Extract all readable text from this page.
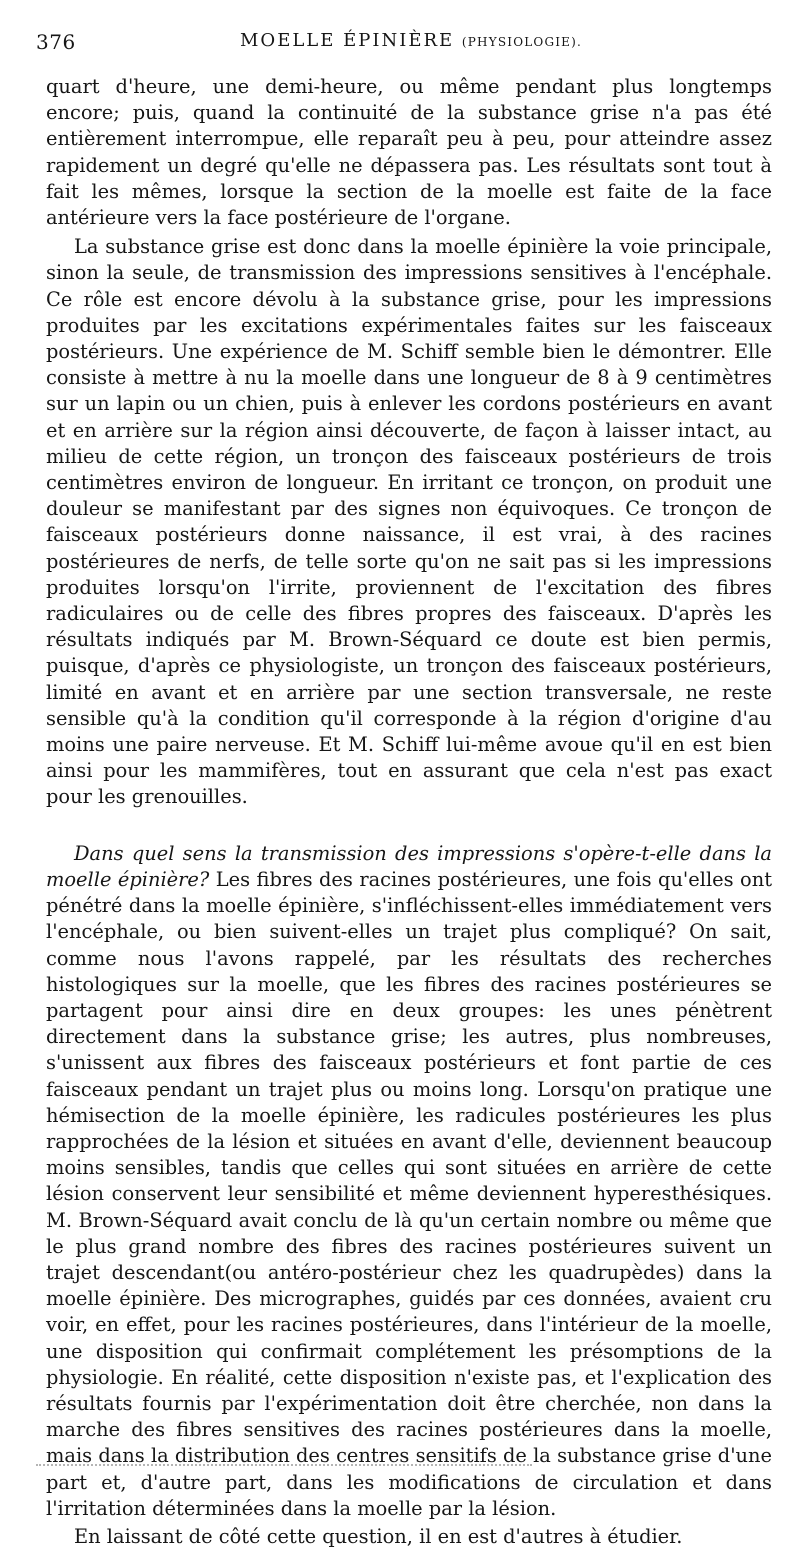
376	MOELLE ÉPINIÈRE (PHYSIOLOGIE).

quart d'heure, une demi-heure, ou même pendant plus longtemps encore; puis, quand la continuité de la substance grise n'a pas été entièrement interrompue, elle reparaît peu à peu, pour atteindre assez rapidement un degré qu'elle ne dépassera pas. Les résultats sont tout à fait les mêmes, lorsque la section de la moelle est faite de la face antérieure vers la face postérieure de l'organe.

La substance grise est donc dans la moelle épinière la voie principale, sinon la seule, de transmission des impressions sensitives à l'encéphale. Ce rôle est encore dévolu à la substance grise, pour les impressions produites par les excitations expérimentales faites sur les faisceaux postérieurs. Une expérience de M. Schiff semble bien le démontrer. Elle consiste à mettre à nu la moelle dans une longueur de 8 à 9 centimètres sur un lapin ou un chien, puis à enlever les cordons postérieurs en avant et en arrière sur la région ainsi découverte, de façon à laisser intact, au milieu de cette région, un tronçon des faisceaux postérieurs de trois centimètres environ de longueur. En irritant ce tronçon, on produit une douleur se manifestant par des signes non équivoques. Ce tronçon de faisceaux postérieurs donne naissance, il est vrai, à des racines postérieures de nerfs, de telle sorte qu'on ne sait pas si les impressions produites lorsqu'on l'irrite, proviennent de l'excitation des fibres radiculaires ou de celle des fibres propres des faisceaux. D'après les résultats indiqués par M. Brown-Séquard ce doute est bien permis, puisque, d'après ce physiologiste, un tronçon des faisceaux postérieurs, limité en avant et en arrière par une section transversale, ne reste sensible qu'à la condition qu'il corresponde à la région d'origine d'au moins une paire nerveuse. Et M. Schiff lui-même avoue qu'il en est bien ainsi pour les mammifères, tout en assurant que cela n'est pas exact pour les grenouilles.

Dans quel sens la transmission des impressions s'opère-t-elle dans la moelle épinière? Les fibres des racines postérieures, une fois qu'elles ont pénétré dans la moelle épinière, s'infléchissent-elles immédiatement vers l'encéphale, ou bien suivent-elles un trajet plus compliqué? On sait, comme nous l'avons rappelé, par les résultats des recherches histologiques sur la moelle, que les fibres des racines postérieures se partagent pour ainsi dire en deux groupes: les unes pénètrent directement dans la substance grise; les autres, plus nombreuses, s'unissent aux fibres des faisceaux postérieurs et font partie de ces faisceaux pendant un trajet plus ou moins long. Lorsqu'on pratique une hémisection de la moelle épinière, les radicules postérieures les plus rapprochées de la lésion et situées en avant d'elle, deviennent beaucoup moins sensibles, tandis que celles qui sont situées en arrière de cette lésion conservent leur sensibilité et même deviennent hyperesthésiques. M. Brown-Séquard avait conclu de là qu'un certain nombre ou même que le plus grand nombre des fibres des racines postérieures suivent un trajet descendant(ou antéro-postérieur chez les quadrupèdes) dans la moelle épinière. Des micrographes, guidés par ces données, avaient cru voir, en effet, pour les racines postérieures, dans l'intérieur de la moelle, une disposition qui confirmait complétement les présomptions de la physiologie. En réalité, cette disposition n'existe pas, et l'explication des résultats fournis par l'expérimentation doit être cherchée, non dans la marche des fibres sensitives des racines postérieures dans la moelle, mais dans la distribution des centres sensitifs de la substance grise d'une part et, d'autre part, dans les modifications de circulation et dans l'irritation déterminées dans la moelle par la lésion.

En laissant de côté cette question, il en est d'autres à étudier.
